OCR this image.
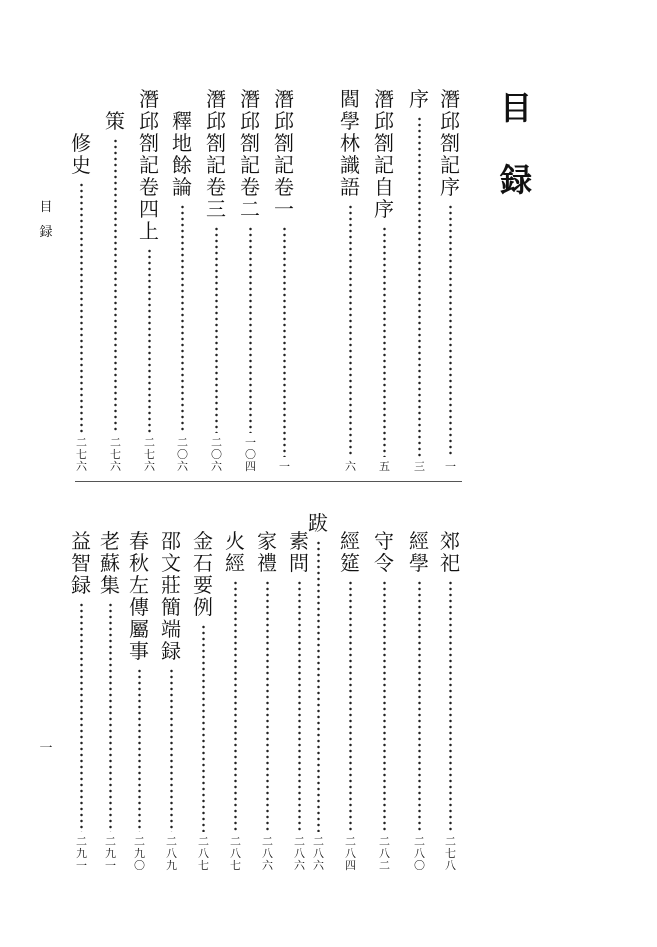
目
録
目
録
潛
邱
劄
記
序
一
序
三
潛
邱
劄
記
自
序
五
閻
學
林
識
語
六
潛
邱
劄
記
卷
一
一
潛
邱
劄
記
卷
二
一
〇
四
潛
邱
劄
記
卷
三
二
〇
六
釋
地
餘
論
二
〇
六
潛
邱
劄
記
卷
四
上
二
七
六
策
二
七
六
修
史
二
七
六
郊
祀
二
七
八
經
學
二
八
〇
守
令
二
八
二
經
筵
二
八
四
跋
二
八
六
素
問
二
八
六
家
禮
二
八
六
火
經
二
八
七
金
石
要
例
二
八
七
邵
文
莊
簡
端
録
二
八
九
春
秋
左
傳
屬
事
二
九
〇
老
蘇
集
二
九
一
益
智
録
二
九
一
一
